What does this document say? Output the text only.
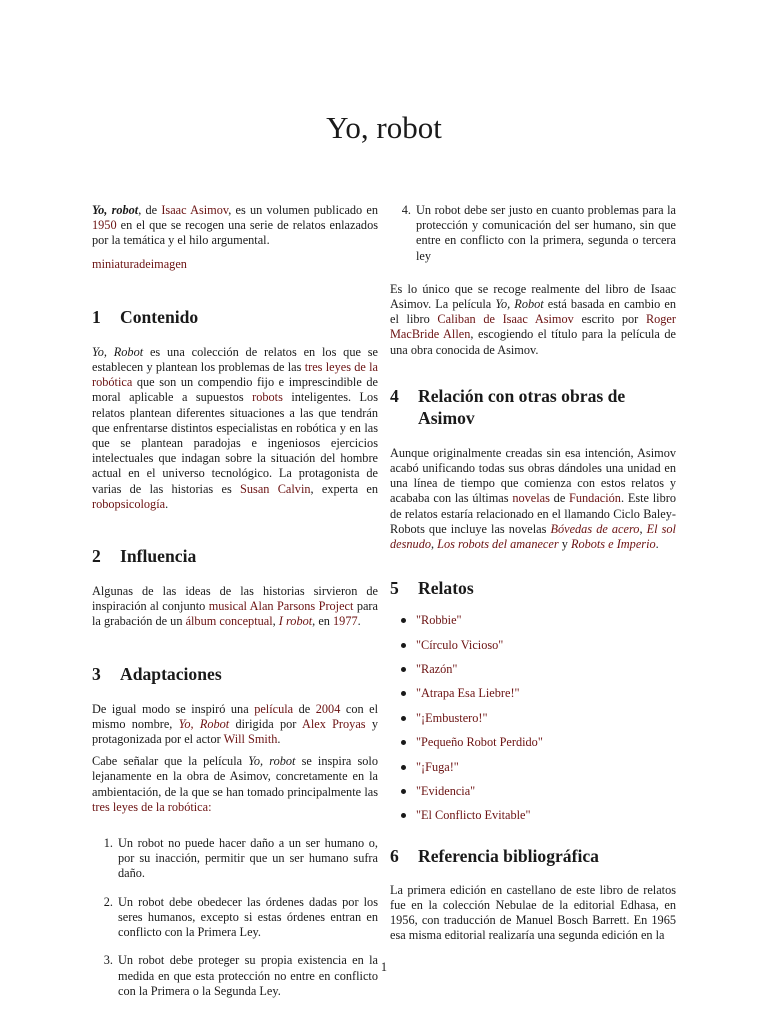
Yo, robot

Yo, robot, de Isaac Asimov, es un volumen publicado en 1950 en el que se recogen una serie de relatos enlazados por la temática y el hilo argumental.

miniaturadeimagen

1 Contenido

Yo, Robot es una colección de relatos en los que se establecen y plantean los problemas de las tres leyes de la robótica que son un compendio fijo e imprescindible de moral aplicable a supuestos robots inteligentes. Los relatos plantean diferentes situaciones a las que tendrán que enfrentarse distintos especialistas en robótica y en las que se plantean paradojas e ingeniosos ejercicios intelectuales que indagan sobre la situación del hombre actual en el universo tecnológico. La protagonista de varias de las historias es Susan Calvin, experta en robopsicología.

2 Influencia

Algunas de las ideas de las historias sirvieron de inspiración al conjunto musical Alan Parsons Project para la grabación de un álbum conceptual, I robot, en 1977.

3 Adaptaciones

De igual modo se inspiró una película de 2004 con el mismo nombre, Yo, Robot dirigida por Alex Proyas y protagonizada por el actor Will Smith.

Cabe señalar que la película Yo, robot se inspira solo lejanamente en la obra de Asimov, concretamente en la ambientación, de la que se han tomado principalmente las tres leyes de la robótica:

1. Un robot no puede hacer daño a un ser humano o, por su inacción, permitir que un ser humano sufra daño.
2. Un robot debe obedecer las órdenes dadas por los seres humanos, excepto si estas órdenes entran en conflicto con la Primera Ley.
3. Un robot debe proteger su propia existencia en la medida en que esta protección no entre en conflicto con la Primera o la Segunda Ley.
4. Un robot debe ser justo en cuanto problemas para la protección y comunicación del ser humano, sin que entre en conflicto con la primera, segunda o tercera ley

Es lo único que se recoge realmente del libro de Isaac Asimov. La película Yo, Robot está basada en cambio en el libro Caliban de Isaac Asimov escrito por Roger MacBride Allen, escogiendo el título para la película de una obra conocida de Asimov.

4 Relación con otras obras de Asimov

Aunque originalmente creadas sin esa intención, Asimov acabó unificando todas sus obras dándoles una unidad en una línea de tiempo que comienza con estos relatos y acababa con las últimas novelas de Fundación. Este libro de relatos estaría relacionado en el llamando Ciclo Baley-Robots que incluye las novelas Bóvedas de acero, El sol desnudo, Los robots del amanecer y Robots e Imperio.

5 Relatos
"Robbie"
"Círculo Vicioso"
"Razón"
"Atrapa Esa Liebre!"
"¡Embustero!"
"Pequeño Robot Perdido"
"¡Fuga!"
"Evidencia"
"El Conflicto Evitable"
6 Referencia bibliográfica

La primera edición en castellano de este libro de relatos fue en la colección Nebulae de la editorial Edhasa, en 1956, con traducción de Manuel Bosch Barrett. En 1965 esa misma editorial realizaría una segunda edición en la

1
